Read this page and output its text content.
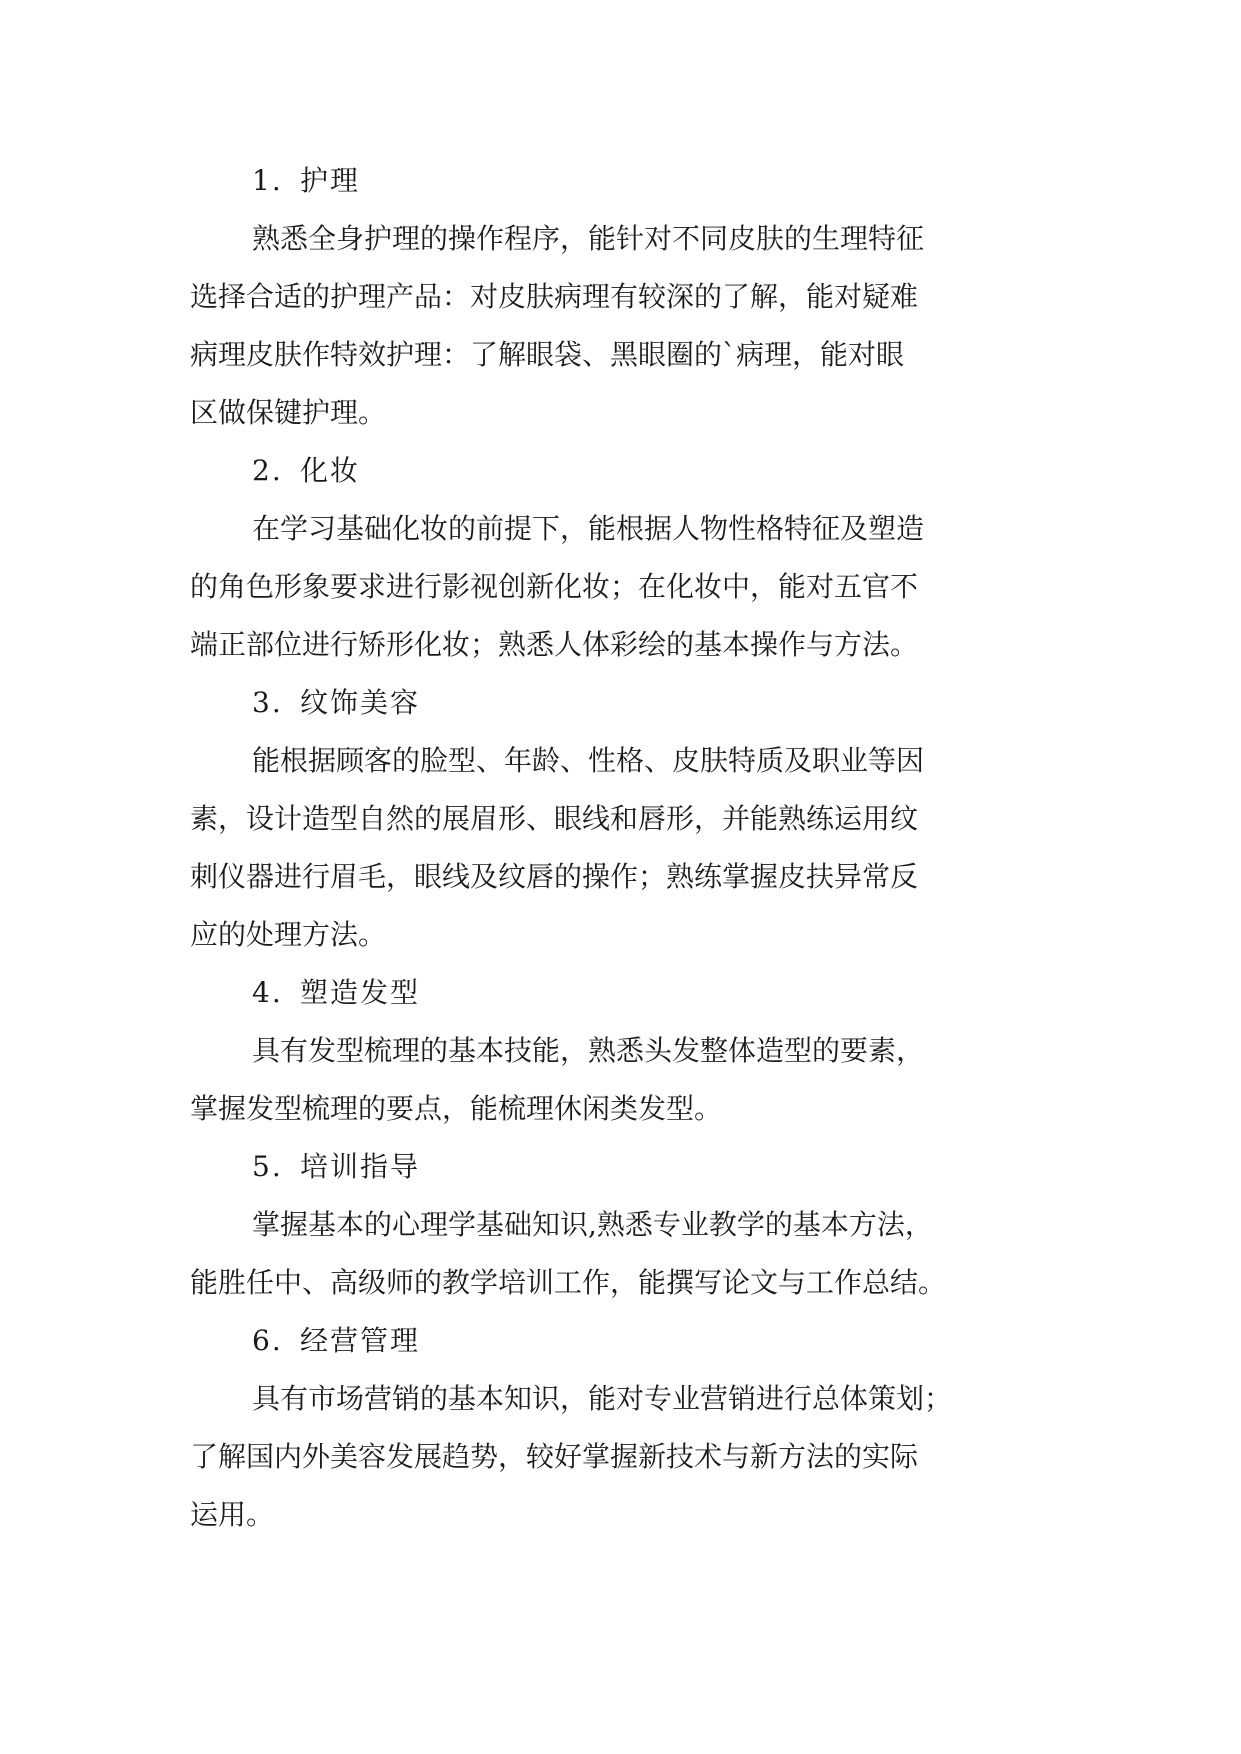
1. 护理

熟悉全身护理的操作程序，能针对不同皮肤的生理特征
选择合适的护理产品：对皮肤病理有较深的了解，能对疑难
病理皮肤作特效护理：了解眼袋、黑眼圈的`病理，能对眼
区做保键护理。

2. 化妆

在学习基础化妆的前提下，能根据人物性格特征及塑造
的角色形象要求进行影视创新化妆；在化妆中，能对五官不
端正部位进行矫形化妆；熟悉人体彩绘的基本操作与方法。

3. 纹饰美容

能根据顾客的脸型、年龄、性格、皮肤特质及职业等因
素，设计造型自然的展眉形、眼线和唇形，并能熟练运用纹
刺仪器进行眉毛，眼线及纹唇的操作；熟练掌握皮扶异常反
应的处理方法。

4. 塑造发型

具有发型梳理的基本技能，熟悉头发整体造型的要素，
掌握发型梳理的要点，能梳理休闲类发型。

5. 培训指导

掌握基本的心理学基础知识,熟悉专业教学的基本方法，
能胜任中、高级师的教学培训工作，能撰写论文与工作总结。

6. 经营管理

具有市场营销的基本知识，能对专业营销进行总体策划；
了解国内外美容发展趋势，较好掌握新技术与新方法的实际
运用。
